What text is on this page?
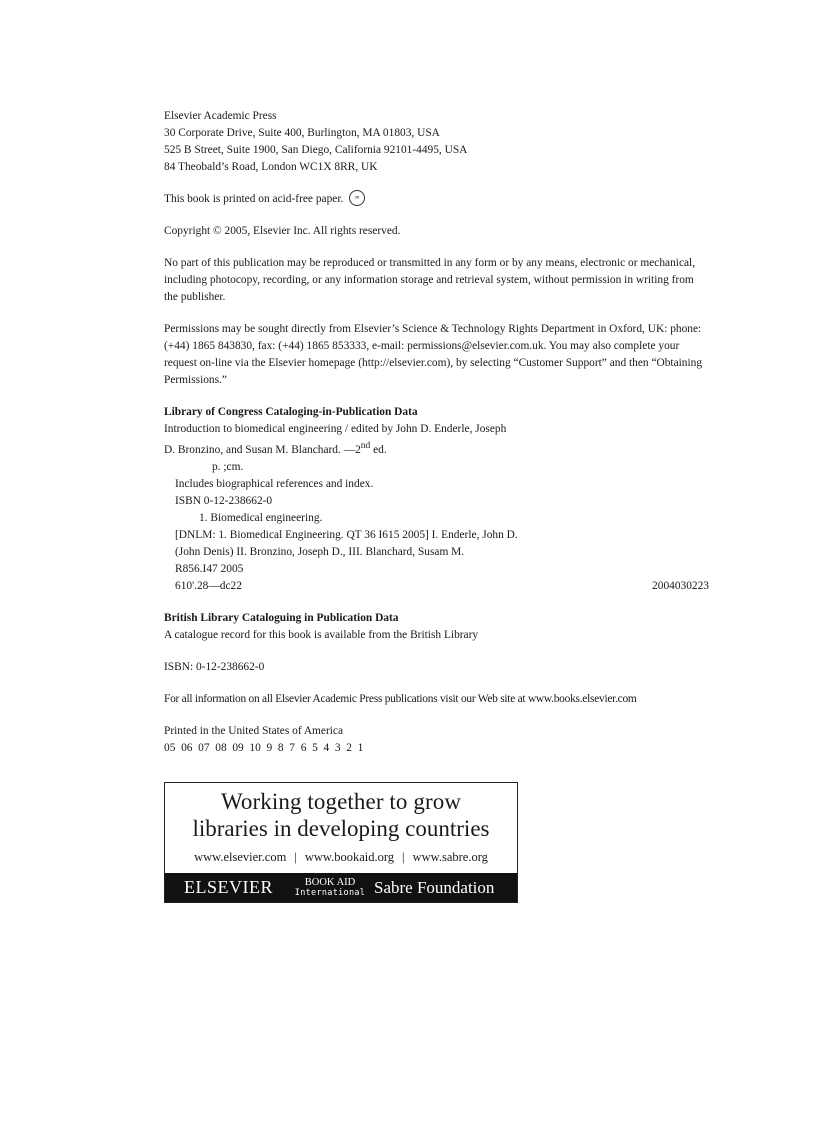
Elsevier Academic Press
30 Corporate Drive, Suite 400, Burlington, MA 01803, USA
525 B Street, Suite 1900, San Diego, California 92101-4495, USA
84 Theobald’s Road, London WC1X 8RR, UK
This book is printed on acid-free paper. ∞
Copyright © 2005, Elsevier Inc. All rights reserved.
No part of this publication may be reproduced or transmitted in any form or by any means, electronic or mechanical, including photocopy, recording, or any information storage and retrieval system, without permission in writing from the publisher.
Permissions may be sought directly from Elsevier’s Science & Technology Rights Department in Oxford, UK: phone: (+44) 1865 843830, fax: (+44) 1865 853333, e-mail: permissions@elsevier.com.uk. You may also complete your request on-line via the Elsevier homepage (http://elsevier.com), by selecting “Customer Support” and then “Obtaining Permissions.”
Library of Congress Cataloging-in-Publication Data
Introduction to biomedical engineering / edited by John D. Enderle, Joseph
D. Bronzino, and Susan M. Blanchard. —2nd ed.
p. ;cm.
Includes biographical references and index.
ISBN 0-12-238662-0
1. Biomedical engineering.
[DNLM: 1. Biomedical Engineering. QT 36 I615 2005] I. Enderle, John D.
(John Denis) II. Bronzino, Joseph D., III. Blanchard, Susam M.
R856.I47 2005
610'.28—dc22	2004030223
British Library Cataloguing in Publication Data
A catalogue record for this book is available from the British Library
ISBN: 0-12-238662-0
For all information on all Elsevier Academic Press publications visit our Web site at www.books.elsevier.com
Printed in the United States of America
05  06  07  08  09  10  9  8  7  6  5  4  3  2  1
Working together to grow
libraries in developing countries
www.elsevier.com | www.bookaid.org | www.sabre.org
ELSEVIER	BOOK AID
International Sabre Foundation
